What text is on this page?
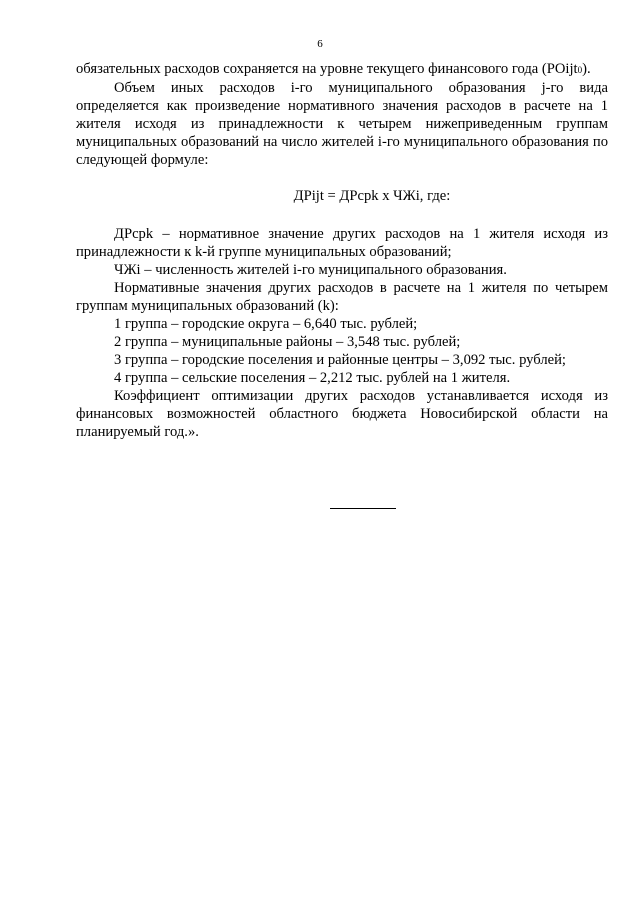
6

обязательных расходов сохраняется на уровне текущего финансового года (POijt0).

Объем иных расходов i-го муниципального образования j-го вида определяется как произведение нормативного значения расходов в расчете на 1 жителя исходя из принадлежности к четырем нижеприведенным группам муниципальных образований на число жителей i-го муниципального образования по следующей формуле:

ДРijt = ДРсрk x ЧЖi, где:

ДРсрk – нормативное значение других расходов на 1 жителя исходя из принадлежности к k-й группе муниципальных образований;

ЧЖi – численность жителей i-го муниципального образования.

Нормативные значения других расходов в расчете на 1 жителя по четырем группам муниципальных образований (k):

1 группа – городские округа – 6,640 тыс. рублей;

2 группа – муниципальные районы – 3,548 тыс. рублей;

3 группа – городские поселения и районные центры – 3,092 тыс. рублей;

4 группа – сельские поселения – 2,212 тыс. рублей на 1 жителя.

Коэффициент оптимизации других расходов устанавливается исходя из финансовых возможностей областного бюджета Новосибирской области на планируемый год.».
